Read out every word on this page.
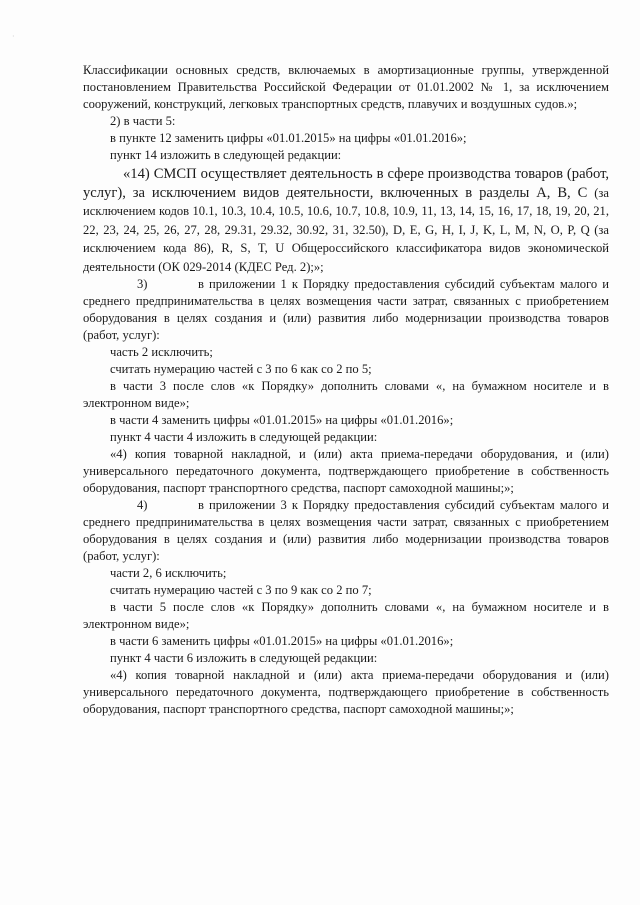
·

Классификации основных средств, включаемых в амортизационные группы, утвержденной постановлением Правительства Российской Федерации от 01.01.2002 № 1, за исключением сооружений, конструкций, легковых транспортных средств, плавучих и воздушных судов.»;

2) в части 5:

в пункте 12 заменить цифры «01.01.2015» на цифры «01.01.2016»;

пункт 14 изложить в следующей редакции:

«14) СМСП осуществляет деятельность в сфере производства товаров (работ, услуг), за исключением видов деятельности, включенных в разделы A, B, C (за исключением кодов 10.1, 10.3, 10.4, 10.5, 10.6, 10.7, 10.8, 10.9, 11, 13, 14, 15, 16, 17, 18, 19, 20, 21, 22, 23, 24, 25, 26, 27, 28, 29.31, 29.32, 30.92, 31, 32.50), D, E, G, H, I, J, K, L, M, N, O, P, Q (за исключением кода 86), R, S, T, U Общероссийского классификатора видов экономической деятельности (ОК 029-2014 (КДЕС Ред. 2);»;

3)	в приложении 1 к Порядку предоставления субсидий субъектам малого и среднего предпринимательства в целях возмещения части затрат, связанных с приобретением оборудования в целях создания и (или) развития либо модернизации производства товаров (работ, услуг):

часть 2 исключить;

считать нумерацию частей с 3 по 6 как со 2 по 5;

в части 3 после слов «к Порядку» дополнить словами «, на бумажном носителе и в электронном виде»;

в части 4 заменить цифры «01.01.2015» на цифры «01.01.2016»;

пункт 4 части 4 изложить в следующей редакции:

«4) копия товарной накладной, и (или) акта приема-передачи оборудования, и (или) универсального передаточного документа, подтверждающего приобретение в собственность оборудования, паспорт транспортного средства, паспорт самоходной машины;»;

4)	в приложении 3 к Порядку предоставления субсидий субъектам малого и среднего предпринимательства в целях возмещения части затрат, связанных с приобретением оборудования в целях создания и (или) развития либо модернизации производства товаров (работ, услуг):

части 2, 6 исключить;

считать нумерацию частей с 3 по 9 как со 2 по 7;

в части 5 после слов «к Порядку» дополнить словами «, на бумажном носителе и в электронном виде»;

в части 6 заменить цифры «01.01.2015» на цифры «01.01.2016»;

пункт 4 части 6 изложить в следующей редакции:

«4) копия товарной накладной и (или) акта приема-передачи оборудования и (или) универсального передаточного документа, подтверждающего приобретение в собственность оборудования, паспорт транспортного средства, паспорт самоходной машины;»;
